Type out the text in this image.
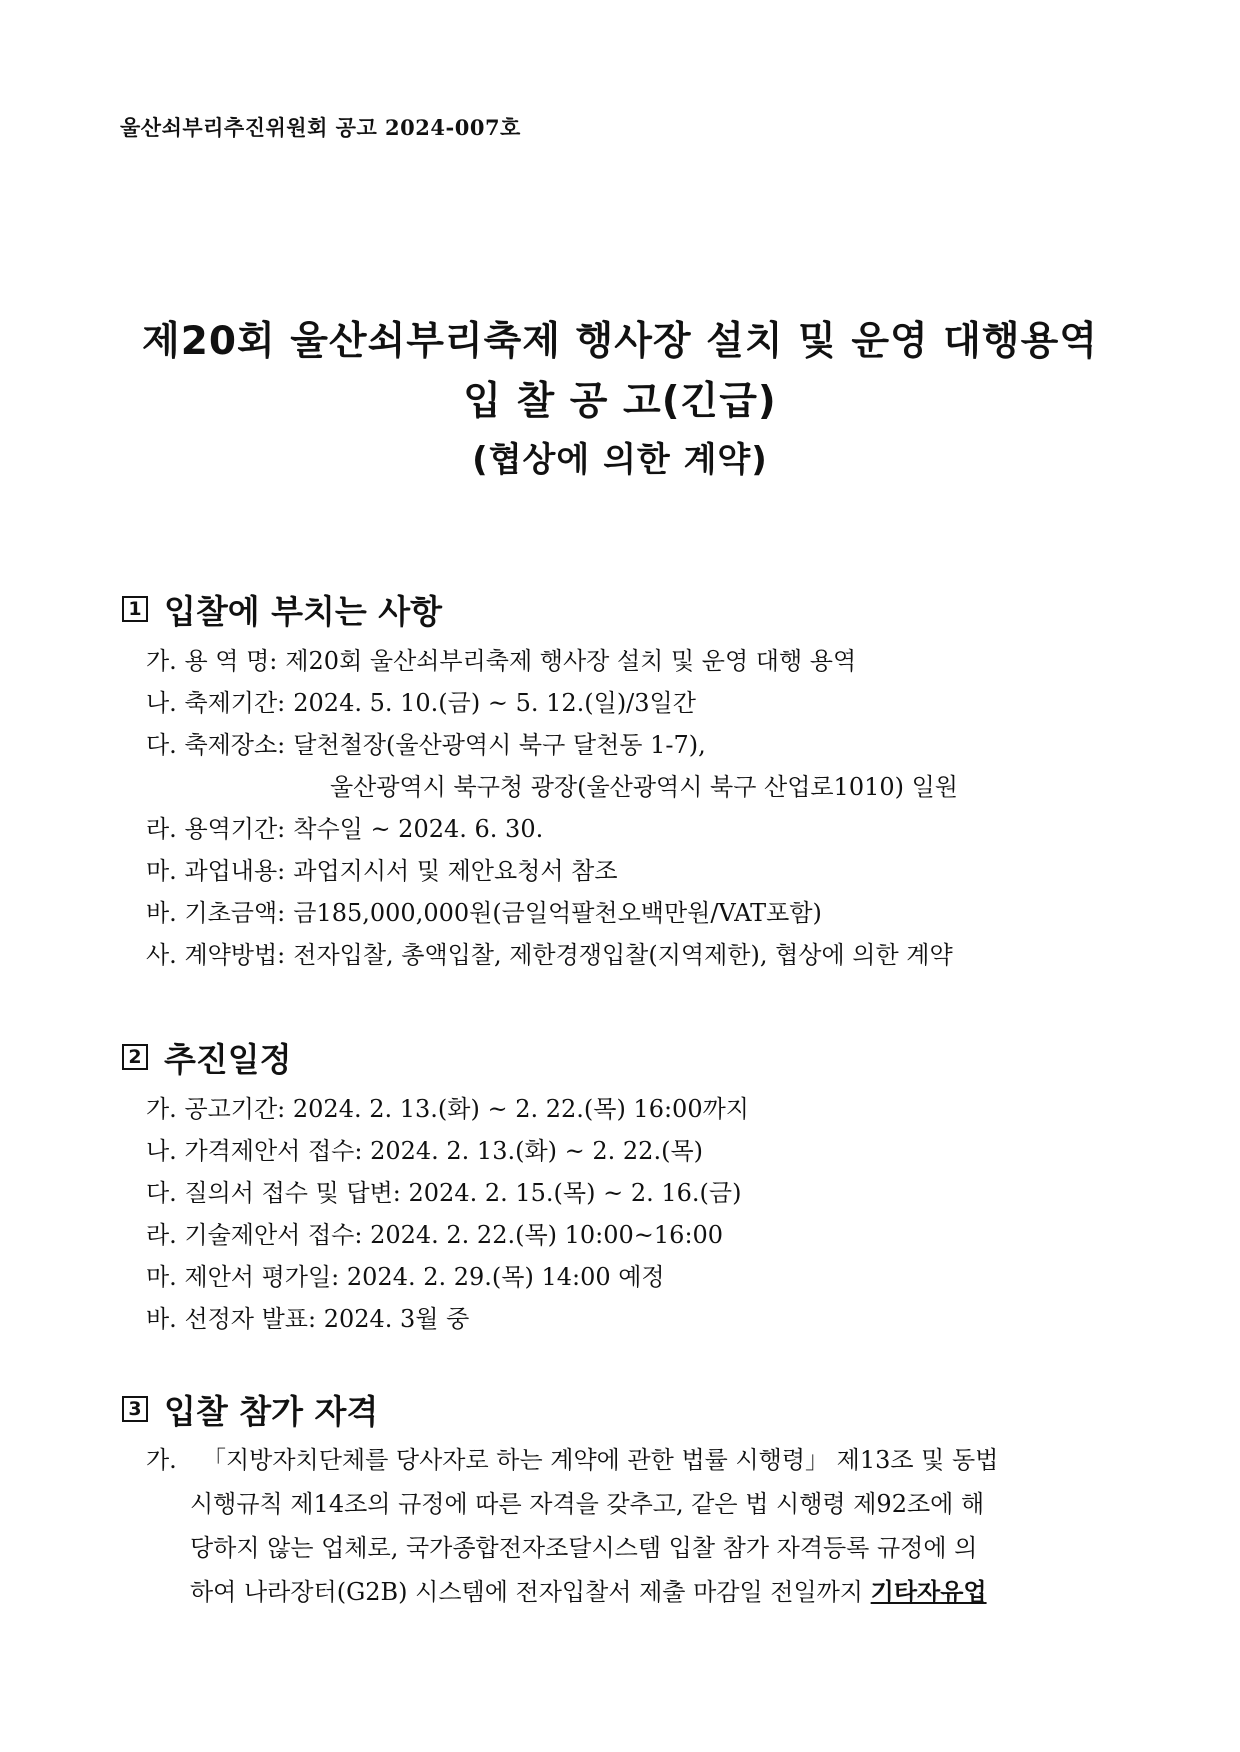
울산쇠부리추진위원회 공고 2024-007호
제20회 울산쇠부리축제 행사장 설치 및 운영 대행용역
입 찰 공 고(긴급)
(협상에 의한 계약)
1 입찰에 부치는 사항
가. 용 역 명: 제20회 울산쇠부리축제 행사장 설치 및 운영 대행 용역
나. 축제기간: 2024. 5. 10.(금) ~ 5. 12.(일)/3일간
다. 축제장소: 달천철장(울산광역시 북구 달천동 1-7),
울산광역시 북구청 광장(울산광역시 북구 산업로1010) 일원
라. 용역기간: 착수일 ~ 2024. 6. 30.
마. 과업내용: 과업지시서 및 제안요청서 참조
바. 기초금액: 금185,000,000원(금일억팔천오백만원/VAT포함)
사. 계약방법: 전자입찰, 총액입찰, 제한경쟁입찰(지역제한), 협상에 의한 계약
2 추진일정
가. 공고기간: 2024. 2. 13.(화) ~ 2. 22.(목) 16:00까지
나. 가격제안서 접수: 2024. 2. 13.(화) ~ 2. 22.(목)
다. 질의서 접수 및 답변: 2024. 2. 15.(목) ~ 2. 16.(금)
라. 기술제안서 접수: 2024. 2. 22.(목) 10:00~16:00
마. 제안서 평가일: 2024. 2. 29.(목) 14:00 예정
바. 선정자 발표: 2024. 3월 중
3 입찰 참가 자격
가. 「지방자치단체를 당사자로 하는 계약에 관한 법률 시행령」 제13조 및 동법
시행규칙 제14조의 규정에 따른 자격을 갖추고, 같은 법 시행령 제92조에 해
당하지 않는 업체로, 국가종합전자조달시스템 입찰 참가 자격등록 규정에 의
하여 나라장터(G2B) 시스템에 전자입찰서 제출 마감일 전일까지 기타자유업
